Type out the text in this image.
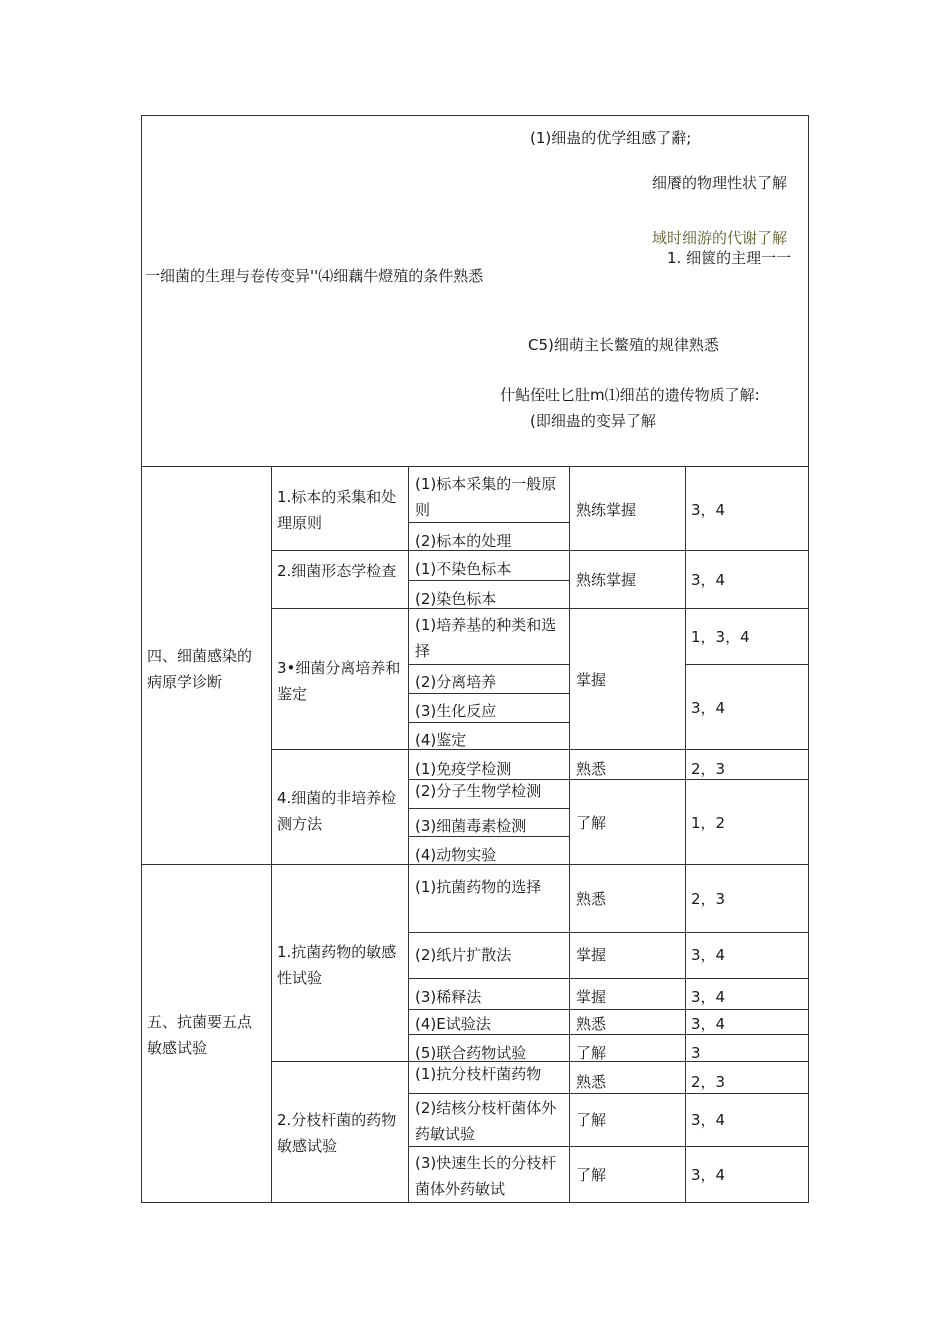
(1)细蛊的优学组感了辭;
细餍的物理性状了解
域时细游的代谢了解
1. 细篋的主理一一
一细菌的生理与卷传变异''⑷细藕牛燈殖的条件熟悉
C5)细萌主长鳖殖的规律熟悉
什鲇侄吐匕肚m⑴细茁的遗传物质了解:
(即细蛊的变异了解
四、细菌感染的病原学诊断
1.标本的采集和处理原则
2.细菌形态学检查
3•细菌分离培养和鉴定
4.细菌的非培养检测方法
(1)标本采集的一般原则
(2)标本的处理
(1)不染色标本
(2)染色标本
(1)培养基的种类和选择
(2)分离培养
(3)生化反应
(4)鉴定
(1)免疫学检测
(2)分子生物学检测
(3)细菌毒素检测
(4)动物实验
熟练掌握
熟练掌握
掌握
熟悉
了解
3，4
3，4
1，3，4
3，4
2，3
1，2
五、抗菌要五点敏感试验
1.抗菌药物的敏感性试验
2.分枝杆菌的药物敏感试验
(1)抗菌药物的选择
(2)纸片扩散法
(3)稀释法
(4)E试验法
(5)联合药物试验
(1)抗分枝杆菌药物
(2)结核分枝杆菌体外药敏试验
(3)快速生长的分枝杆菌体外药敏试
熟悉
掌握
掌握
熟悉
了解
熟悉
了解
了解
2，3
3，4
3，4
3，4
3
2，3
3，4
3，4
